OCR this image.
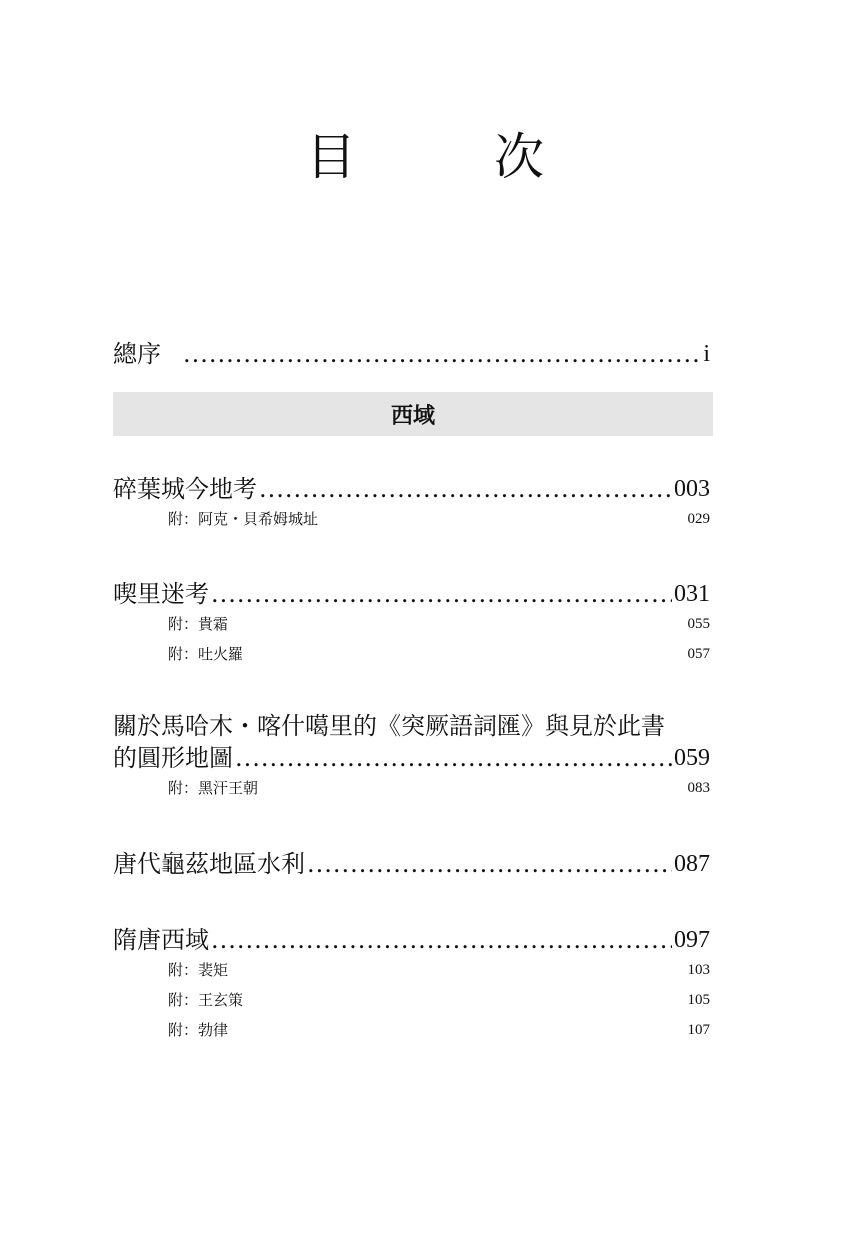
目　次
總序 .....	i
西域
碎葉城今地考 .....	003
附：阿克・貝希姆城址	029
喫里迷考 .....	031
附：貴霜	055
附：吐火羅	057
關於馬哈木・喀什噶里的《突厥語詞匯》與見於此書
的圓形地圖 .....	059
附：黑汗王朝	083
唐代龜茲地區水利 .....	087
隋唐西域 .....	097
附：裴矩	103
附：王玄策	105
附：勃律	107
